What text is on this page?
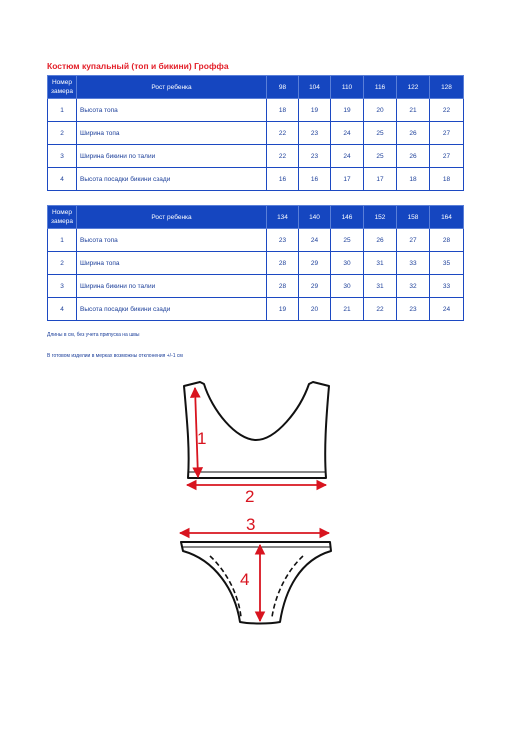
Костюм купальный (топ и бикини) Гроффа
Номер
замера	Рост ребенка	98	104	110	116	122	128
1	Высота топа	18	19	19	20	21	22
2	Ширина топа	22	23	24	25	26	27
3	Ширина бикини по талии	22	23	24	25	26	27
4	Высота посадки бикини сзади	16	16	17	17	18	18
Номер
замера	Рост ребенка	134	140	146	152	158	164
1	Высота топа	23	24	25	26	27	28
2	Ширина топа	28	29	30	31	33	35
3	Ширина бикини по талии	28	29	30	31	32	33
4	Высота посадки бикини сзади	19	20	21	22	23	24
Длины в см, без учета припуска на швы
В готовом изделии в мерках возможны отклонения +/-1 см
1
2
3
4
